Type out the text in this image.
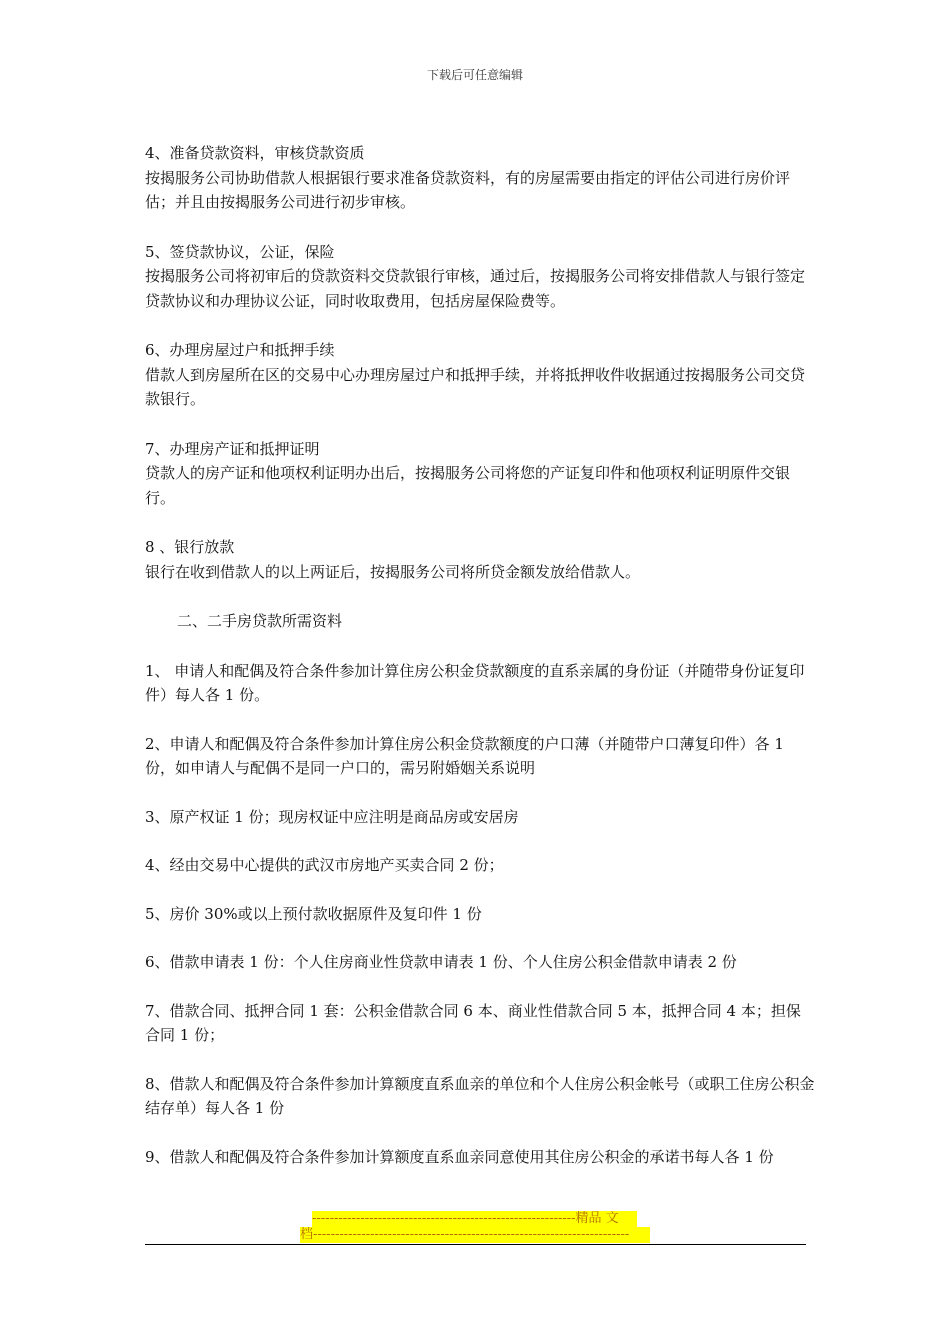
下载后可任意编辑

4、准备贷款资料，审核贷款资质

按揭服务公司协助借款人根据银行要求准备贷款资料，有的房屋需要由指定的评估公司进行房价评估；并且由按揭服务公司进行初步审核。

5、签贷款协议，公证，保险

按揭服务公司将初审后的贷款资料交贷款银行审核，通过后，按揭服务公司将安排借款人与银行签定贷款协议和办理协议公证，同时收取费用，包括房屋保险费等。

6、办理房屋过户和抵押手续

借款人到房屋所在区的交易中心办理房屋过户和抵押手续，并将抵押收件收据通过按揭服务公司交贷款银行。

7、办理房产证和抵押证明

贷款人的房产证和他项权利证明办出后，按揭服务公司将您的产证复印件和他项权利证明原件交银行。

8 、银行放款

银行在收到借款人的以上两证后，按揭服务公司将所贷金额发放给借款人。

二、二手房贷款所需资料

1、 申请人和配偶及符合条件参加计算住房公积金贷款额度的直系亲属的身份证（并随带身份证复印件）每人各 1 份。

2、申请人和配偶及符合条件参加计算住房公积金贷款额度的户口薄（并随带户口薄复印件）各 1 份，如申请人与配偶不是同一户口的，需另附婚姻关系说明

3、原产权证 1 份；现房权证中应注明是商品房或安居房

4、经由交易中心提供的武汉市房地产买卖合同 2 份；

5、房价 30%或以上预付款收据原件及复印件 1 份

6、借款申请表 1 份：个人住房商业性贷款申请表 1 份、个人住房公积金借款申请表 2 份

7、借款合同、抵押合同 1 套：公积金借款合同 6 本、商业性借款合同 5 本，抵押合同 4 本；担保合同 1 份；

8、借款人和配偶及符合条件参加计算额度直系血亲的单位和个人住房公积金帐号（或职工住房公积金结存单）每人各 1 份

9、借款人和配偶及符合条件参加计算额度直系血亲同意使用其住房公积金的承诺书每人各 1 份

------------------------------------------------------------精品 文
档------------------------------------------------------------------------
